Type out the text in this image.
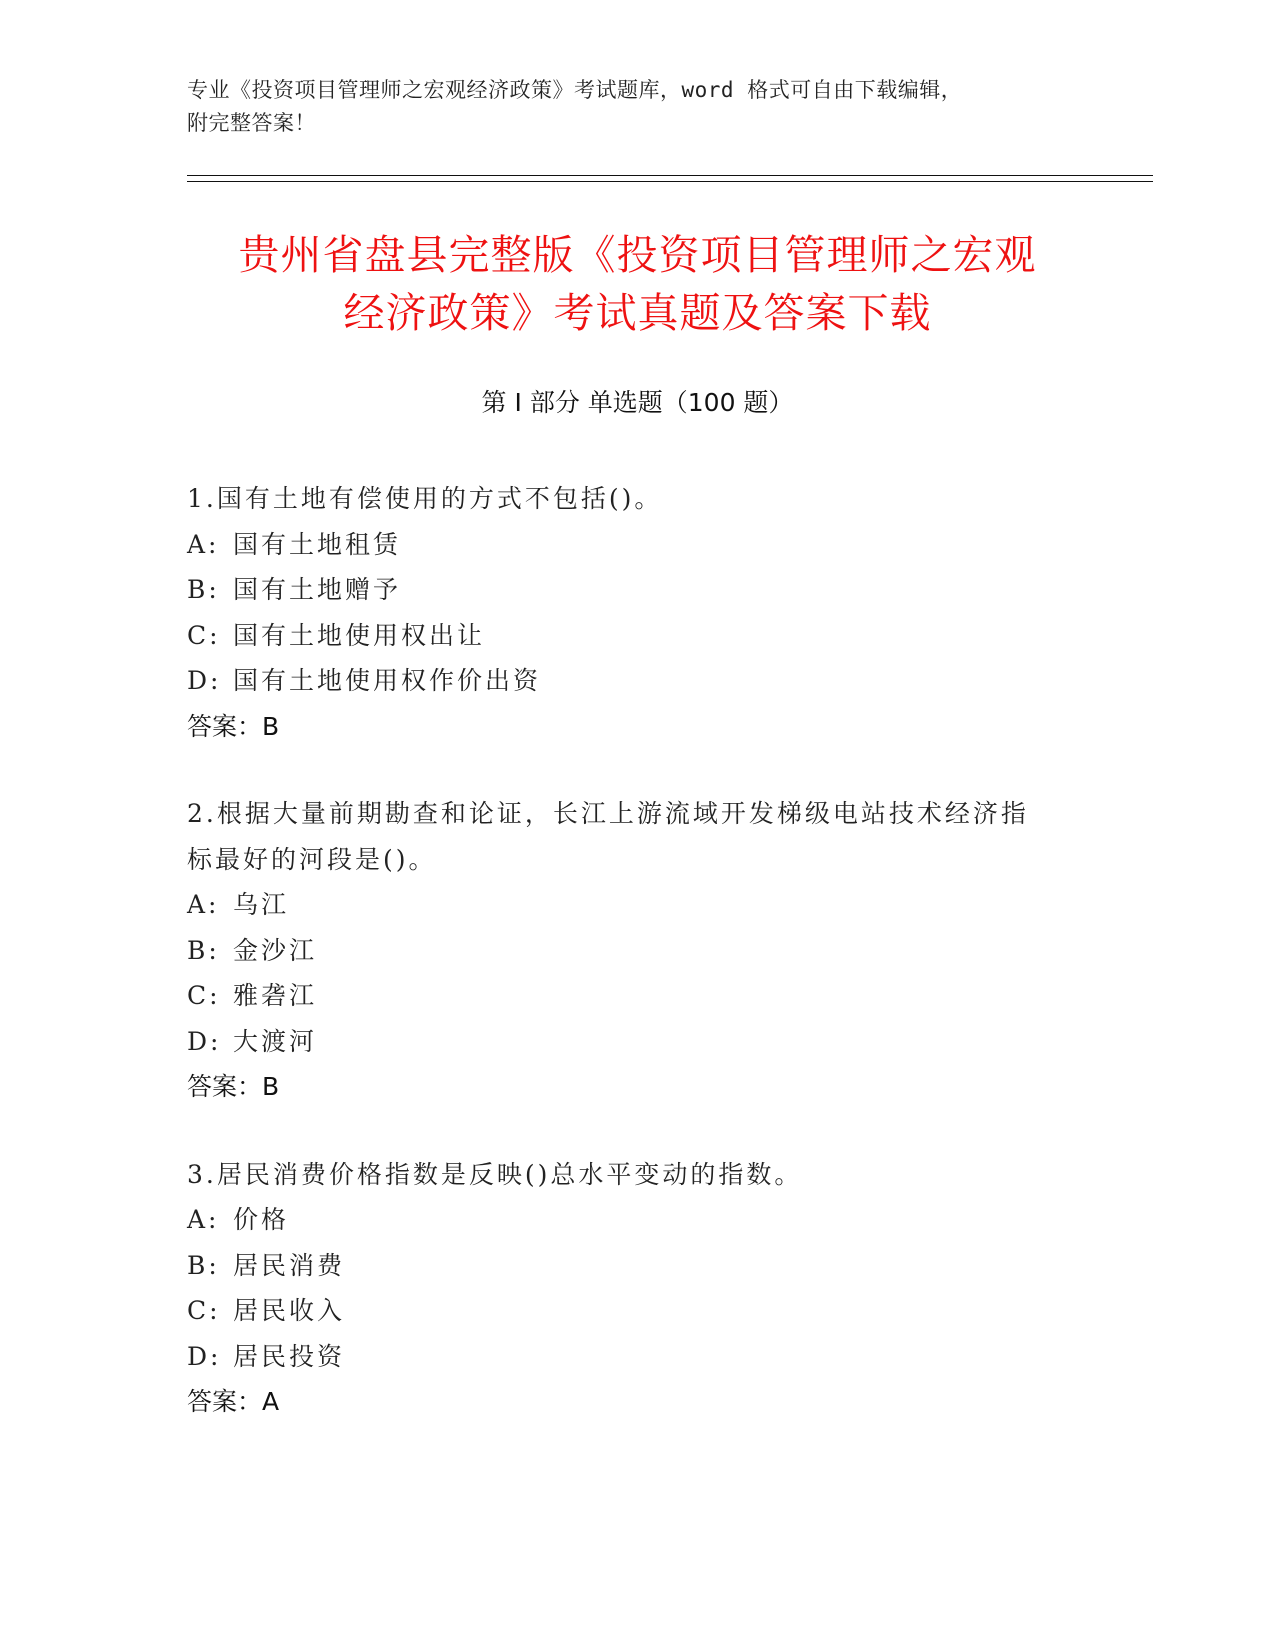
专业《投资项目管理师之宏观经济政策》考试题库，word 格式可自由下载编辑，
附完整答案！
贵州省盘县完整版《投资项目管理师之宏观
经济政策》考试真题及答案下载
第 I 部分 单选题（100 题）

1.国有土地有偿使用的方式不包括()。

A: 国有土地租赁

B: 国有土地赠予

C: 国有土地使用权出让

D: 国有土地使用权作价出资

答案：B

2.根据大量前期勘查和论证，长江上游流域开发梯级电站技术经济指

标最好的河段是()。

A: 乌江

B: 金沙江

C: 雅砻江

D: 大渡河

答案：B

3.居民消费价格指数是反映()总水平变动的指数。

A: 价格

B: 居民消费

C: 居民收入

D: 居民投资

答案：A
